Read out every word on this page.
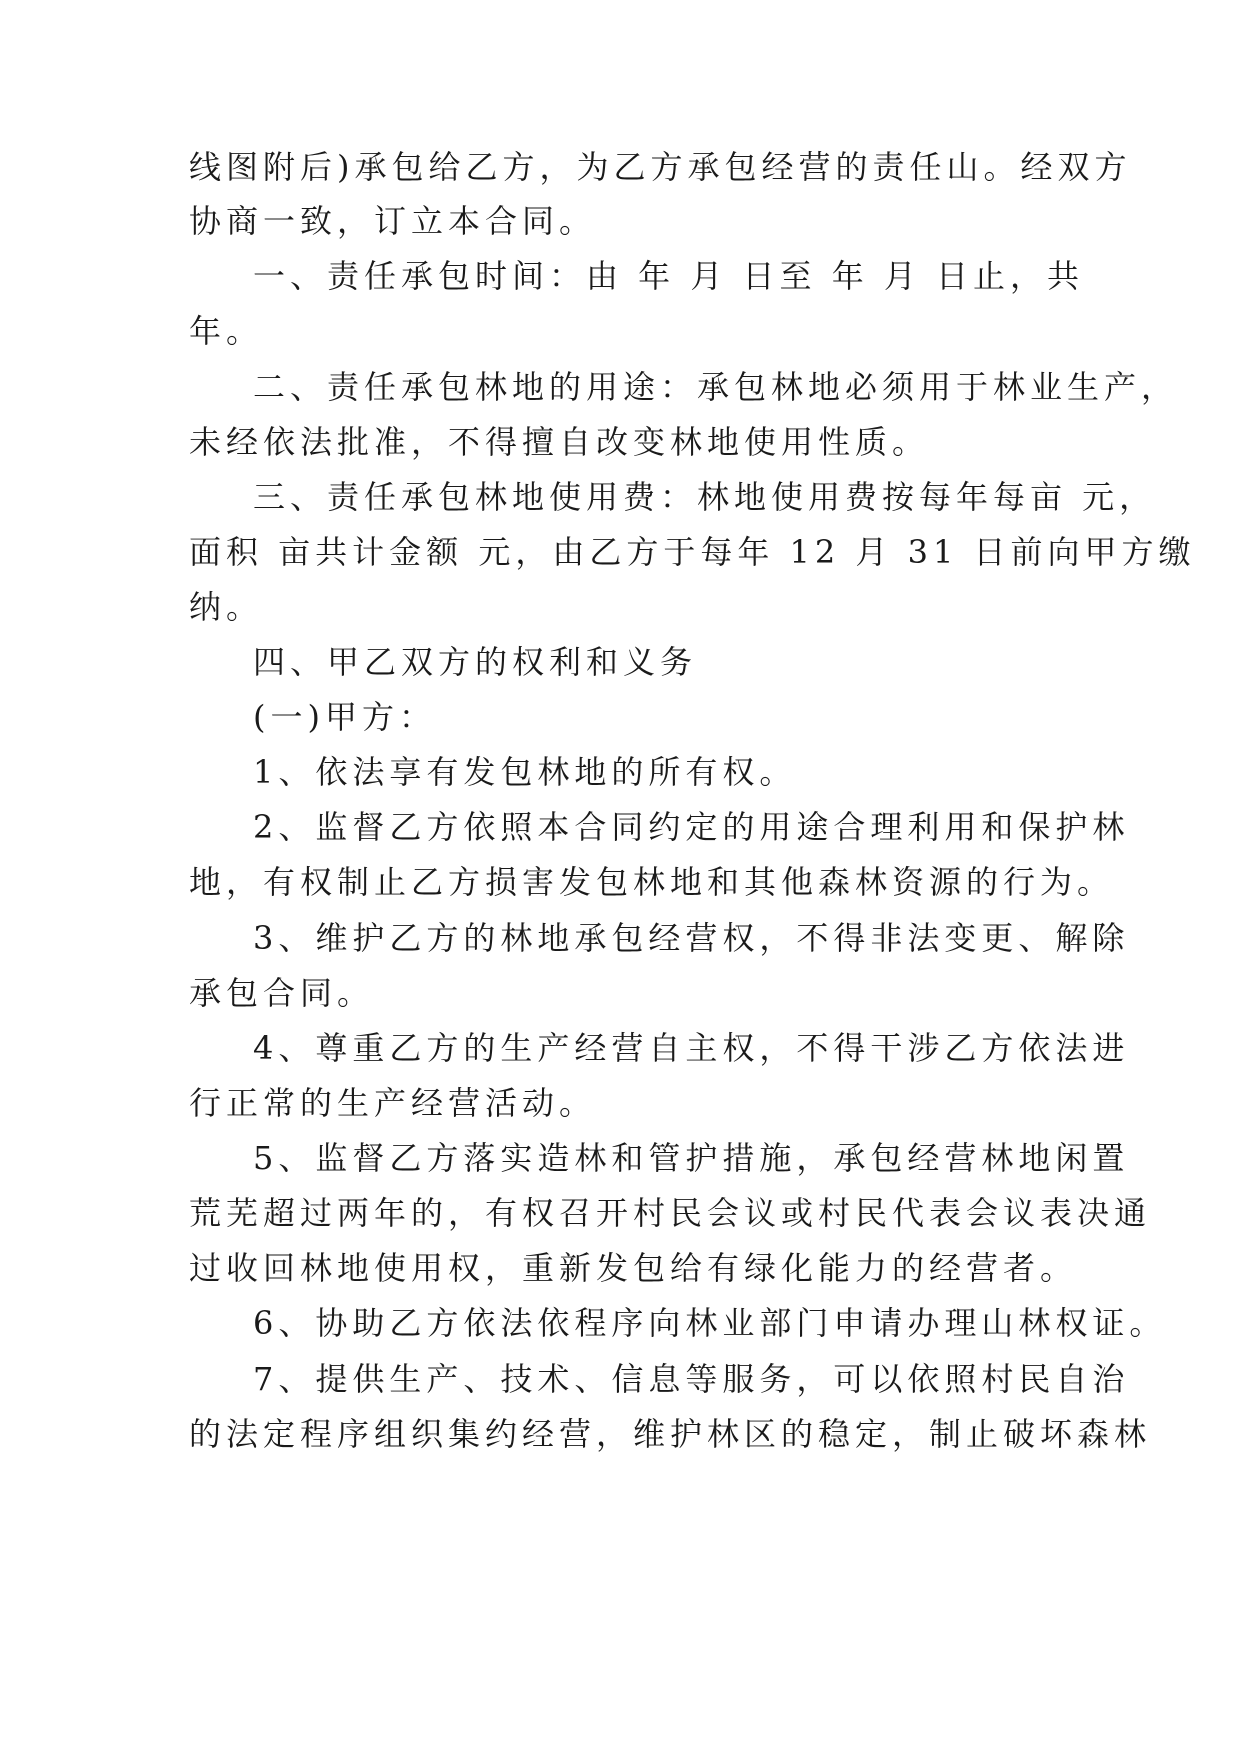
线图附后)承包给乙方，为乙方承包经营的责任山。经双方
协商一致，订立本合同。
一、责任承包时间：由 年 月 日至 年 月 日止，共
年。
二、责任承包林地的用途：承包林地必须用于林业生产，
未经依法批准，不得擅自改变林地使用性质。
三、责任承包林地使用费：林地使用费按每年每亩 元，
面积 亩共计金额 元，由乙方于每年 12 月 31 日前向甲方缴
纳。
四、甲乙双方的权利和义务
(一)甲方：
1、依法享有发包林地的所有权。
2、监督乙方依照本合同约定的用途合理利用和保护林
地，有权制止乙方损害发包林地和其他森林资源的行为。
3、维护乙方的林地承包经营权，不得非法变更、解除
承包合同。
4、尊重乙方的生产经营自主权，不得干涉乙方依法进
行正常的生产经营活动。
5、监督乙方落实造林和管护措施，承包经营林地闲置
荒芜超过两年的，有权召开村民会议或村民代表会议表决通
过收回林地使用权，重新发包给有绿化能力的经营者。
6、协助乙方依法依程序向林业部门申请办理山林权证。
7、提供生产、技术、信息等服务，可以依照村民自治
的法定程序组织集约经营，维护林区的稳定，制止破坏森林
